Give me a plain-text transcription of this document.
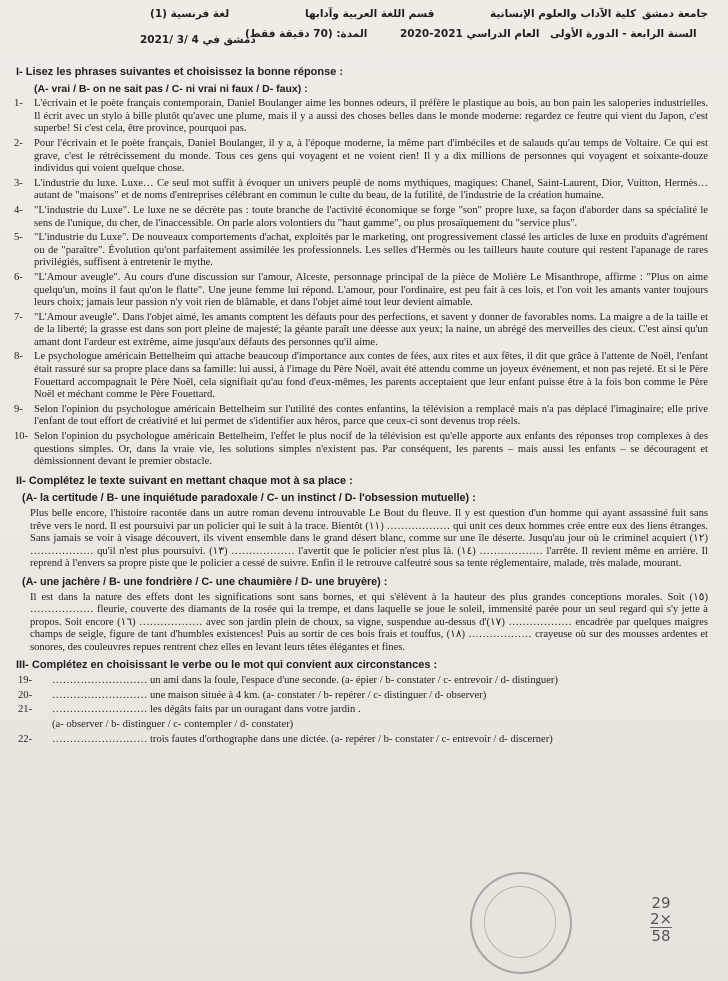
جامعة دمشق
كلية الآداب والعلوم الإنسانية
قسم اللغة العربية وآدابها
لغة فرنسية (1)
السنة الرابعة - الدورة الأولى
العام الدراسي 2021-2020
المدة: (70 دقيقة فقط)
دمشق في 4 /3 /2021
I- Lisez les phrases suivantes et choisissez la bonne réponse :
(A- vrai / B- on ne sait pas / C- ni vrai ni faux / D- faux) :
1-	L'écrivain et le poète français contemporain, Daniel Boulanger aime les bonnes odeurs, il préfère le plastique au bois, au bon pain les saloperies industrielles. Il écrit avec un stylo à bille plutôt qu'avec une plume, mais il y a aussi des choses belles dans le monde moderne: regardez ce feutre qui vient du Japon, c'est superbe! Si c'est cela, être province, pourquoi pas.
2-	Pour l'écrivain et le poète français, Daniel Boulanger, il y a, à l'époque moderne, la même part d'imbéciles et de salauds qu'au temps de Voltaire. Ce qui est grave, c'est le rétrécissement du monde. Tous ces gens qui voyagent et ne voient rien! Il y a dix millions de personnes qui voyagent et soixante-douze individus qui voient quelque chose.
3-	L'industrie du luxe. Luxe… Ce seul mot suffit à évoquer un univers peuplé de noms mythiques, magiques: Chanel, Saint-Laurent, Dior, Vuitton, Hermès… autant de "maisons" et de noms d'entreprises célébrant en commun le culte du beau, de la futilité, de l'industrie de la création humaine.
4-	"L'industrie du Luxe". Le luxe ne se décrète pas : toute branche de l'activité économique se forge "son" propre luxe, sa façon d'aborder dans sa spécialité le sens de l'unique, du cher, de l'inaccessible. On parle alors volontiers du "haut gamme", ou plus prosaïquement du "service plus".
5-	"L'industrie du Luxe". De nouveaux comportements d'achat, exploités par le marketing, ont progressivement classé les articles de luxe en produits d'agrément ou de "paraître". Évolution qu'ont parfaitement assimilée les professionnels. Les selles d'Hermès ou les tailleurs haute couture qui restent l'apanage de rares privilégiés, suffisent à entretenir le mythe.
6-	"L'Amour aveugle". Au cours d'une discussion sur l'amour, Alceste, personnage principal de la pièce de Molière Le Misanthrope, affirme : "Plus on aime quelqu'un, moins il faut qu'on le flatte". Une jeune femme lui répond. L'amour, pour l'ordinaire, est peu fait à ces lois, et l'on voit les amants vanter toujours leurs choix; jamais leur passion n'y voit rien de blâmable, et dans l'objet aimé tout leur devient aimable.
7-	"L'Amour aveugle". Dans l'objet aimé, les amants comptent les défauts pour des perfections, et savent y donner de favorables noms. La maigre a de la taille et de la liberté; la grasse est dans son port pleine de majesté; la géante paraît une déesse aux yeux; la naine, un abrégé des merveilles des cieux. C'est ainsi qu'un amant dont l'ardeur est extrême, aime jusqu'aux défauts des personnes qu'il aime.
8-	Le psychologue américain Bettelheim qui attache beaucoup d'importance aux contes de fées, aux rites et aux fêtes, il dit que grâce à l'attente de Noël, l'enfant était rassuré sur sa propre place dans sa famille: lui aussi, à l'image du Père Noël, avait été attendu comme un joyeux événement, et non pas rejeté. Et si le Père Fouettard accompagnait le Père Noël, cela signifiait qu'au fond d'eux-mêmes, les parents acceptaient que leur enfant puisse être à la fois bon comme le Père Noël et méchant comme le Père Fouettard.
9-	Selon l'opinion du psychologue américain Bettelheim sur l'utilité des contes enfantins, la télévision a remplacé mais n'a pas déplacé l'imaginaire; elle prive l'enfant de tout effort de créativité et lui permet de s'identifier aux héros, parce que ceux-ci sont devenus trop réels.
10- Selon l'opinion du psychologue américain Bettelheim, l'effet le plus nocif de la télévision est qu'elle apporte aux enfants des réponses trop complexes à des questions simples. Or, dans la vraie vie, les solutions simples n'existent pas. Par conséquent, les parents – mais aussi les enfants – se découragent et démissionnent devant le premier obstacle.
II- Complétez le texte suivant en mettant chaque mot à sa place :
(A- la certitude / B- une inquiétude paradoxale / C- un instinct / D- l'obsession mutuelle) :
Plus belle encore, l'histoire racontée dans un autre roman devenu introuvable Le Bout du fleuve. Il y est question d'un homme qui ayant assassiné fuit sans trêve vers le nord. Il est poursuivi par un policier qui le suit à la trace. Bientôt (١١) ……………… qui unit ces deux hommes crée entre eux des liens étranges. Sans jamais se voir à visage découvert, ils vivent ensemble dans le grand désert blanc, comme sur une île déserte. Jusqu'au jour où le criminel acquiert (١٢) ……………… qu'il n'est plus poursuivi. (١٣) ……………… l'avertit que le policier n'est plus là. (١٤) ……………… l'arrête. Il revient même en arrière. Il reprend à l'envers sa propre piste que le policier a cessé de suivre. Enfin il le retrouve calfeutré sous sa tente réglementaire, malade, très malade, mourant.
(A- une jachère / B- une fondrière / C- une chaumière / D- une bruyère) :
Il est dans la nature des effets dont les significations sont sans bornes, et qui s'élèvent à la hauteur des plus grandes conceptions morales. Soit (١٥) ……………… fleurie, couverte des diamants de la rosée qui la trempe, et dans laquelle se joue le soleil, immensité parée pour un seul regard qui s'y jette à propos. Soit encore (١٦) ……………… avec son jardin plein de choux, sa vigne, suspendue au-dessus d'(١٧) ……………… encadrée par quelques maigres champs de seigle, figure de tant d'humbles existences! Puis au sortir de ces bois frais et touffus, (١٨) ……………… crayeuse où sur des mousses ardentes et sonores, des couleuvres repues rentrent chez elles en levant leurs têtes élégantes et fines.
III- Complétez en choisissant le verbe ou le mot qui convient aux circonstances :
19-	……………………… un ami dans la foule, l'espace d'une seconde. (a- épier / b- constater / c- entrevoir / d- distinguer)
20-	……………………… une maison située à 4 km. (a- constater / b- repérer / c- distinguer / d- observer)
21-	……………………… les dégâts faits par un ouragant dans votre jardin .
(a- observer / b- distinguer / c- contempler / d- constater)
22-	……………………… trois fautes d'orthographe dans une dictée. (a- repérer / b- constater / c- entrevoir / d- discerner)
29
2×
58
